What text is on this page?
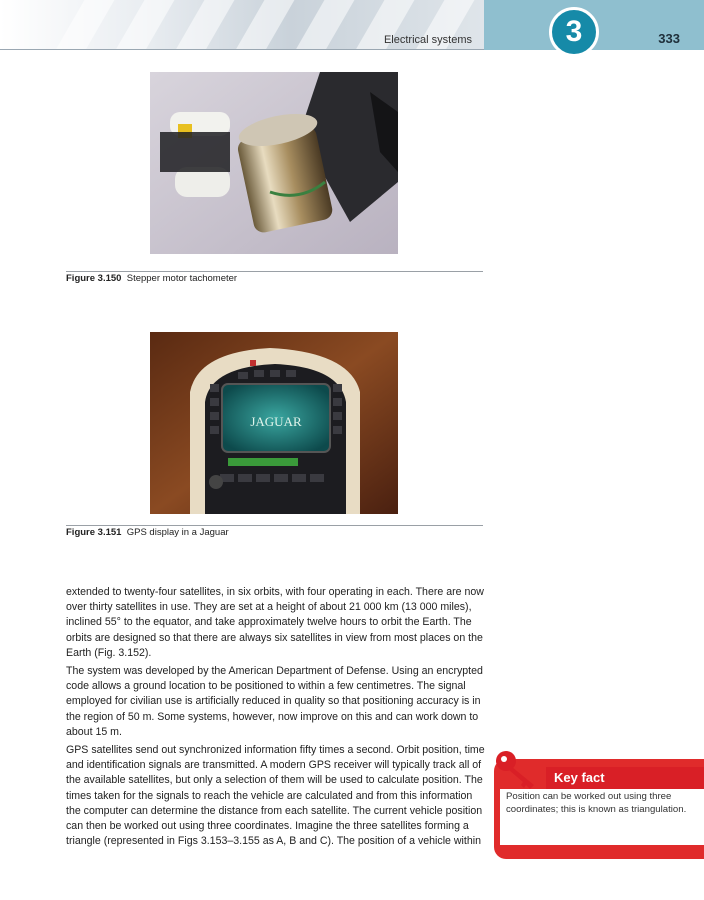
Electrical systems	3	333
Figure 3.150 Stepper motor tachometer
JAGUAR
Figure 3.151 GPS display in a Jaguar

extended to twenty-four satellites, in six orbits, with four operating in each. There are now over thirty satellites in use. They are set at a height of about 21 000 km (13 000 miles), inclined 55° to the equator, and take approximately twelve hours to orbit the Earth. The orbits are designed so that there are always six satellites in view from most places on the Earth (Fig. 3.152).

The system was developed by the American Department of Defense. Using an encrypted code allows a ground location to be positioned to within a few centimetres. The signal employed for civilian use is artificially reduced in quality so that positioning accuracy is in the region of 50 m. Some systems, however, now improve on this and can work down to about 15 m.

GPS satellites send out synchronized information fifty times a second. Orbit position, time and identification signals are transmitted. A modern GPS receiver will typically track all of the available satellites, but only a selection of them will be used to calculate position. The times taken for the signals to reach the vehicle are calculated and from this information the computer can determine the distance from each satellite. The current vehicle position can then be worked out using three coordinates. Imagine the three satellites forming a triangle (represented in Figs 3.153–3.155 as A, B and C). The position of a vehicle within

Key fact
Position can be worked out using three coordinates; this is known as triangulation.
